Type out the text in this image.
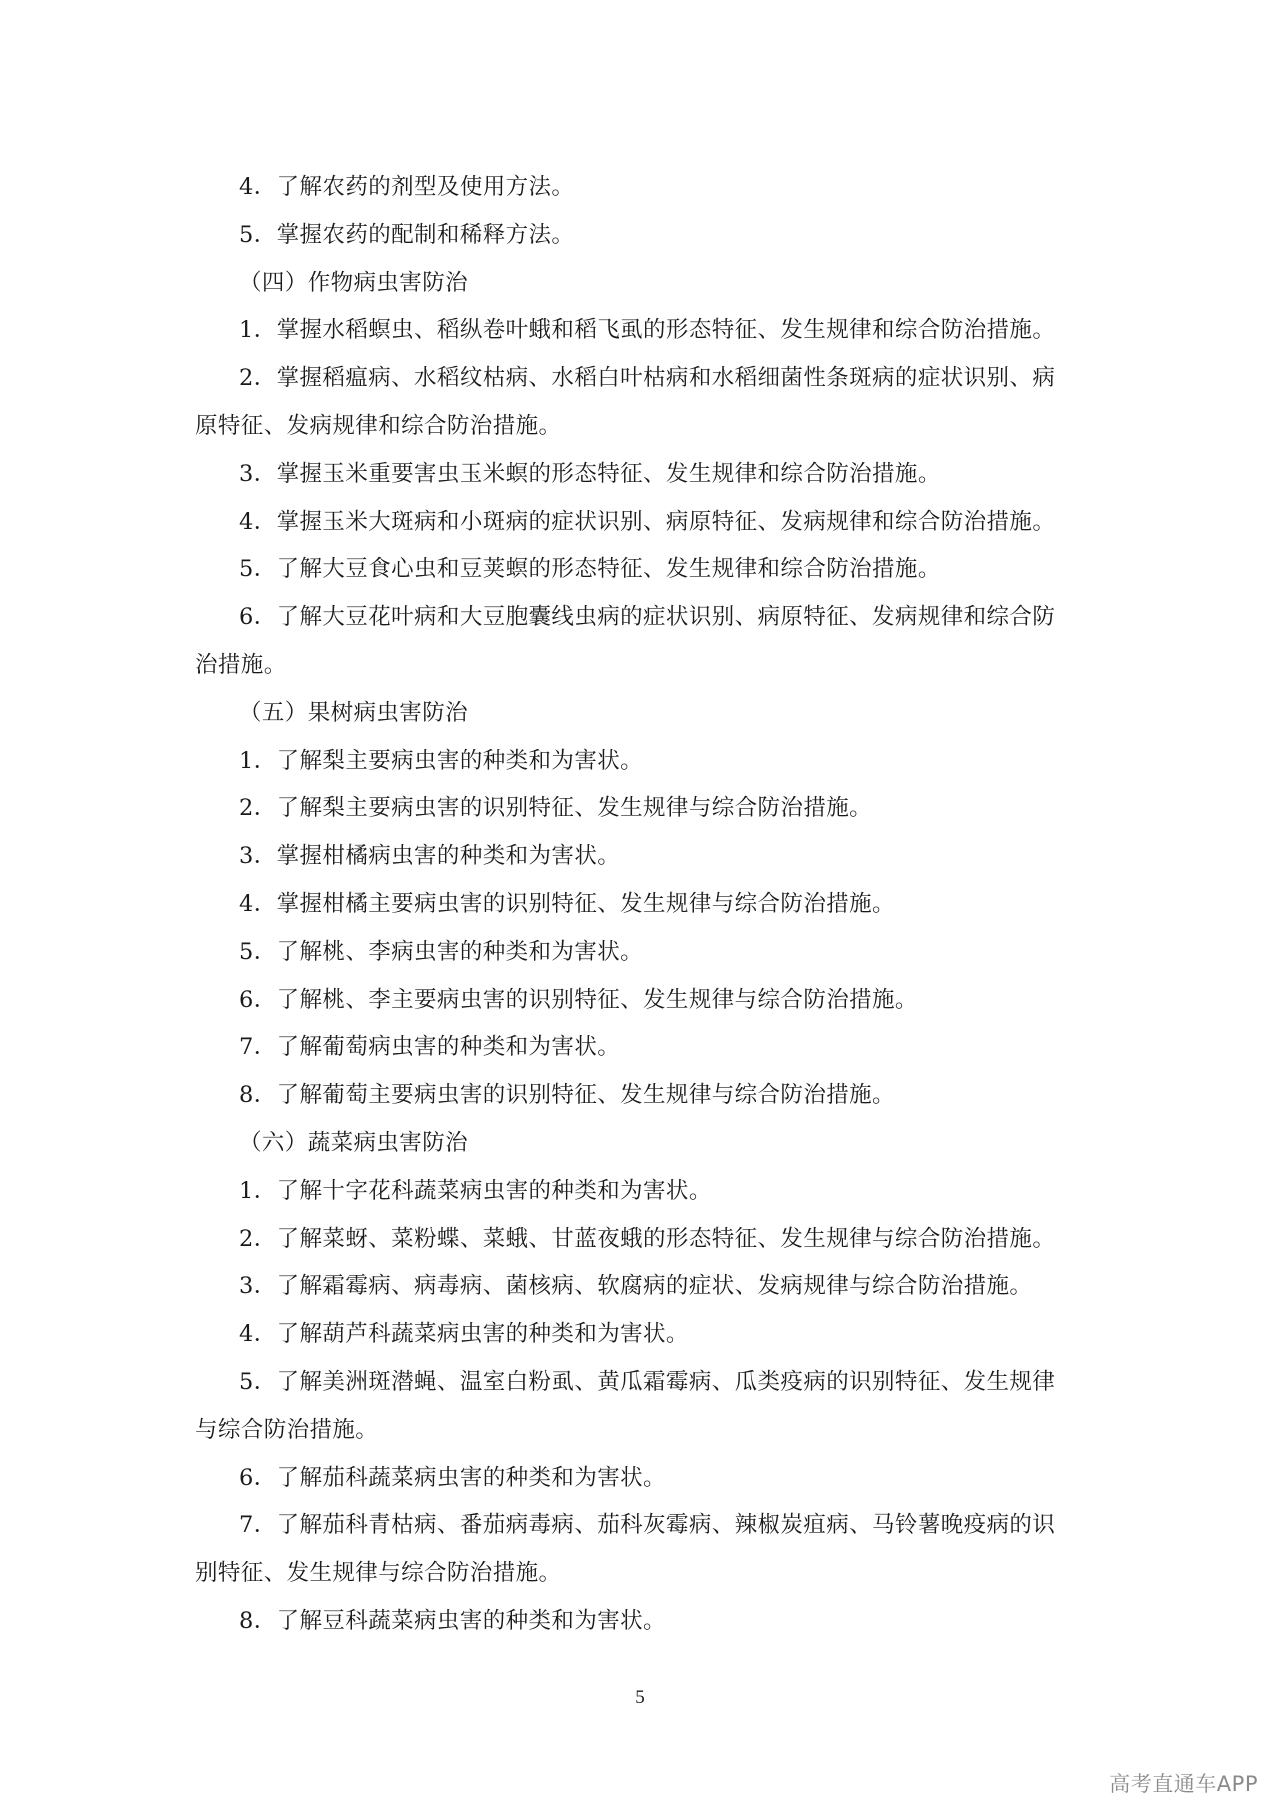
4．了解农药的剂型及使用方法。
5．掌握农药的配制和稀释方法。
（四）作物病虫害防治
1．掌握水稻螟虫、稻纵卷叶蛾和稻飞虱的形态特征、发生规律和综合防治措施。
2．掌握稻瘟病、水稻纹枯病、水稻白叶枯病和水稻细菌性条斑病的症状识别、病
原特征、发病规律和综合防治措施。
3．掌握玉米重要害虫玉米螟的形态特征、发生规律和综合防治措施。
4．掌握玉米大斑病和小斑病的症状识别、病原特征、发病规律和综合防治措施。
5．了解大豆食心虫和豆荚螟的形态特征、发生规律和综合防治措施。
6．了解大豆花叶病和大豆胞囊线虫病的症状识别、病原特征、发病规律和综合防
治措施。
（五）果树病虫害防治
1．了解梨主要病虫害的种类和为害状。
2．了解梨主要病虫害的识别特征、发生规律与综合防治措施。
3．掌握柑橘病虫害的种类和为害状。
4．掌握柑橘主要病虫害的识别特征、发生规律与综合防治措施。
5．了解桃、李病虫害的种类和为害状。
6．了解桃、李主要病虫害的识别特征、发生规律与综合防治措施。
7．了解葡萄病虫害的种类和为害状。
8．了解葡萄主要病虫害的识别特征、发生规律与综合防治措施。
（六）蔬菜病虫害防治
1．了解十字花科蔬菜病虫害的种类和为害状。
2．了解菜蚜、菜粉蝶、菜蛾、甘蓝夜蛾的形态特征、发生规律与综合防治措施。
3．了解霜霉病、病毒病、菌核病、软腐病的症状、发病规律与综合防治措施。
4．了解葫芦科蔬菜病虫害的种类和为害状。
5．了解美洲斑潜蝇、温室白粉虱、黄瓜霜霉病、瓜类疫病的识别特征、发生规律
与综合防治措施。
6．了解茄科蔬菜病虫害的种类和为害状。
7．了解茄科青枯病、番茄病毒病、茄科灰霉病、辣椒炭疽病、马铃薯晚疫病的识
别特征、发生规律与综合防治措施。
8．了解豆科蔬菜病虫害的种类和为害状。
5
高考直通车APP
